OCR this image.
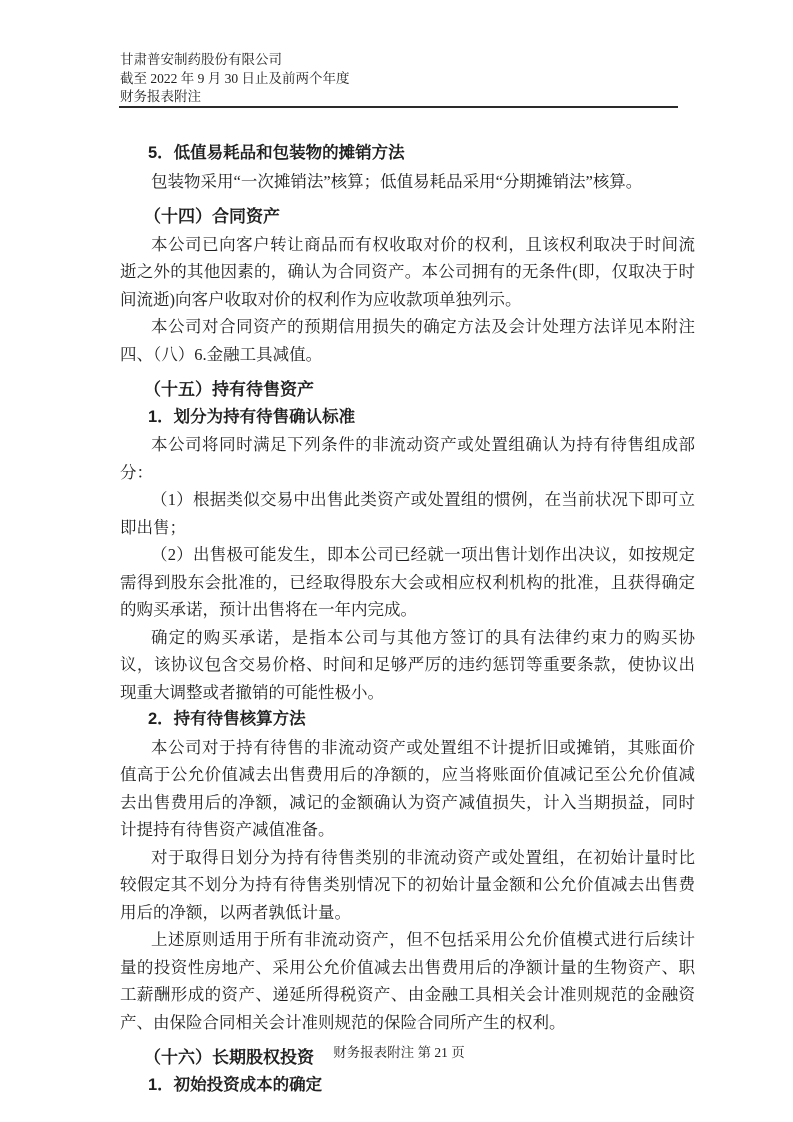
甘肃普安制药股份有限公司
截至 2022 年 9 月 30 日止及前两个年度
财务报表附注

5．低值易耗品和包装物的摊销方法

包装物采用“一次摊销法”核算；低值易耗品采用“分期摊销法”核算。

（十四）合同资产

本公司已向客户转让商品而有权收取对价的权利，且该权利取决于时间流逝之外的其他因素的，确认为合同资产。本公司拥有的无条件(即，仅取决于时间流逝)向客户收取对价的权利作为应收款项单独列示。

本公司对合同资产的预期信用损失的确定方法及会计处理方法详见本附注四、（八）6.金融工具减值。

（十五）持有待售资产

1．划分为持有待售确认标准

本公司将同时满足下列条件的非流动资产或处置组确认为持有待售组成部分：

（1）根据类似交易中出售此类资产或处置组的惯例，在当前状况下即可立即出售；

（2）出售极可能发生，即本公司已经就一项出售计划作出决议，如按规定需得到股东会批准的，已经取得股东大会或相应权利机构的批准，且获得确定的购买承诺，预计出售将在一年内完成。

确定的购买承诺，是指本公司与其他方签订的具有法律约束力的购买协议，该协议包含交易价格、时间和足够严厉的违约惩罚等重要条款，使协议出现重大调整或者撤销的可能性极小。

2．持有待售核算方法

本公司对于持有待售的非流动资产或处置组不计提折旧或摊销，其账面价值高于公允价值减去出售费用后的净额的，应当将账面价值减记至公允价值减去出售费用后的净额，减记的金额确认为资产减值损失，计入当期损益，同时计提持有待售资产减值准备。

对于取得日划分为持有待售类别的非流动资产或处置组，在初始计量时比较假定其不划分为持有待售类别情况下的初始计量金额和公允价值减去出售费用后的净额，以两者孰低计量。

上述原则适用于所有非流动资产，但不包括采用公允价值模式进行后续计量的投资性房地产、采用公允价值减去出售费用后的净额计量的生物资产、职工薪酬形成的资产、递延所得税资产、由金融工具相关会计准则规范的金融资产、由保险合同相关会计准则规范的保险合同所产生的权利。

（十六）长期股权投资

1．初始投资成本的确定

财务报表附注 第 21 页
